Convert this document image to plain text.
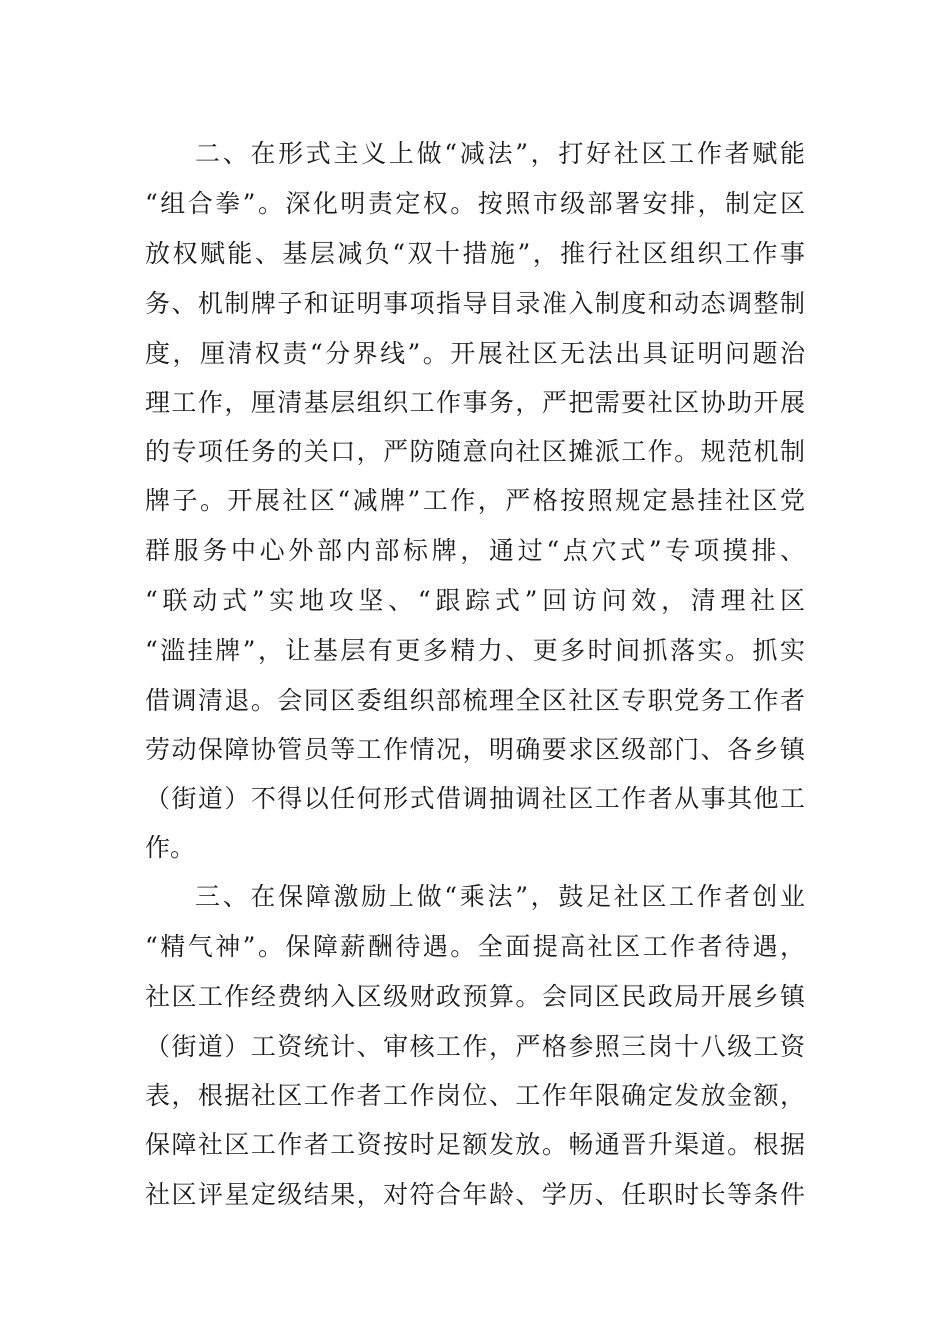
二、在形式主义上做“减法”，打好社区工作者赋能
“组合拳”。深化明责定权。按照市级部署安排，制定区
放权赋能、基层减负“双十措施”，推行社区组织工作事
务、机制牌子和证明事项指导目录准入制度和动态调整制
度，厘清权责“分界线”。开展社区无法出具证明问题治
理工作，厘清基层组织工作事务，严把需要社区协助开展
的专项任务的关口，严防随意向社区摊派工作。规范机制
牌子。开展社区“减牌”工作，严格按照规定悬挂社区党
群服务中心外部内部标牌，通过“点穴式”专项摸排、
“联动式”实地攻坚、“跟踪式”回访问效，清理社区
“滥挂牌”，让基层有更多精力、更多时间抓落实。抓实
借调清退。会同区委组织部梳理全区社区专职党务工作者
劳动保障协管员等工作情况，明确要求区级部门、各乡镇
（街道）不得以任何形式借调抽调社区工作者从事其他工
作。
三、在保障激励上做“乘法”，鼓足社区工作者创业
“精气神”。保障薪酬待遇。全面提高社区工作者待遇，
社区工作经费纳入区级财政预算。会同区民政局开展乡镇
（街道）工资统计、审核工作，严格参照三岗十八级工资
表，根据社区工作者工作岗位、工作年限确定发放金额，
保障社区工作者工资按时足额发放。畅通晋升渠道。根据
社区评星定级结果，对符合年龄、学历、任职时长等条件
